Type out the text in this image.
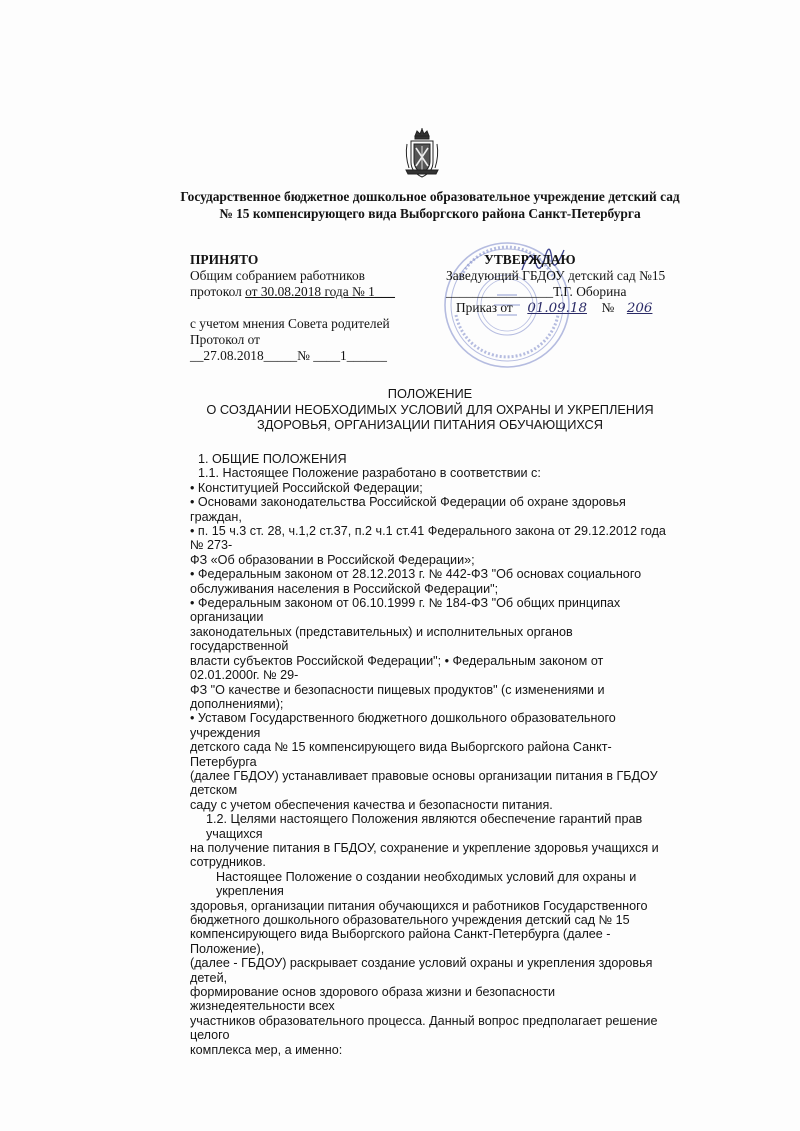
Государственное бюджетное дошкольное образовательное учреждение детский сад
№ 15 компенсирующего вида Выборгского района Санкт-Петербурга
ПРИНЯТО
Общим собранием работников
протокол от 30.08.2018 года № 1___
с учетом мнения Совета родителей
Протокол от
__27.08.2018_____№ ____1______
УТВЕРЖДАЮ
Заведующий ГБДОУ детский сад №15
________________Т.Г. Оборина
Приказ от 01.09.18 № 206
ПОЛОЖЕНИЕ
О СОЗДАНИИ НЕОБХОДИМЫХ УСЛОВИЙ ДЛЯ ОХРАНЫ И УКРЕПЛЕНИЯ
ЗДОРОВЬЯ, ОРГАНИЗАЦИИ ПИТАНИЯ ОБУЧАЮЩИХСЯ

1. ОБЩИЕ ПОЛОЖЕНИЯ

1.1. Настоящее Положение разработано в соответствии с:

• Конституцией Российской Федерации;

• Основами законодательства Российской Федерации об охране здоровья граждан,

• п. 15 ч.3 ст. 28, ч.1,2 ст.37, п.2 ч.1 ст.41 Федерального закона от 29.12.2012 года № 273-

ФЗ «Об образовании в Российской Федерации»;

• Федеральным законом от 28.12.2013 г. № 442-ФЗ "Об основах социального

обслуживания населения в Российской Федерации";

• Федеральным законом от 06.10.1999 г. № 184-ФЗ "Об общих принципах организации

законодательных (представительных) и исполнительных органов государственной

власти субъектов Российской Федерации"; • Федеральным законом от 02.01.2000г. № 29-

ФЗ "О качестве и безопасности пищевых продуктов" (с изменениями и дополнениями);

• Уставом Государственного бюджетного дошкольного образовательного учреждения

детского сада № 15 компенсирующего вида Выборгского района Санкт-Петербурга

(далее ГБДОУ) устанавливает правовые основы организации питания в ГБДОУ детском

саду с учетом обеспечения качества и безопасности питания.

1.2. Целями настоящего Положения являются обеспечение гарантий прав учащихся

на получение питания в ГБДОУ, сохранение и укрепление здоровья учащихся и

сотрудников.

Настоящее Положение о создании необходимых условий для охраны и укрепления

здоровья, организации питания обучающихся и работников Государственного

бюджетного дошкольного образовательного учреждения детский сад № 15

компенсирующего вида Выборгского района Санкт-Петербурга (далее - Положение),

(далее - ГБДОУ) раскрывает создание условий охраны и укрепления здоровья детей,

формирование основ здорового образа жизни и безопасности жизнедеятельности всех

участников образовательного процесса. Данный вопрос предполагает решение целого

комплекса мер, а именно:
